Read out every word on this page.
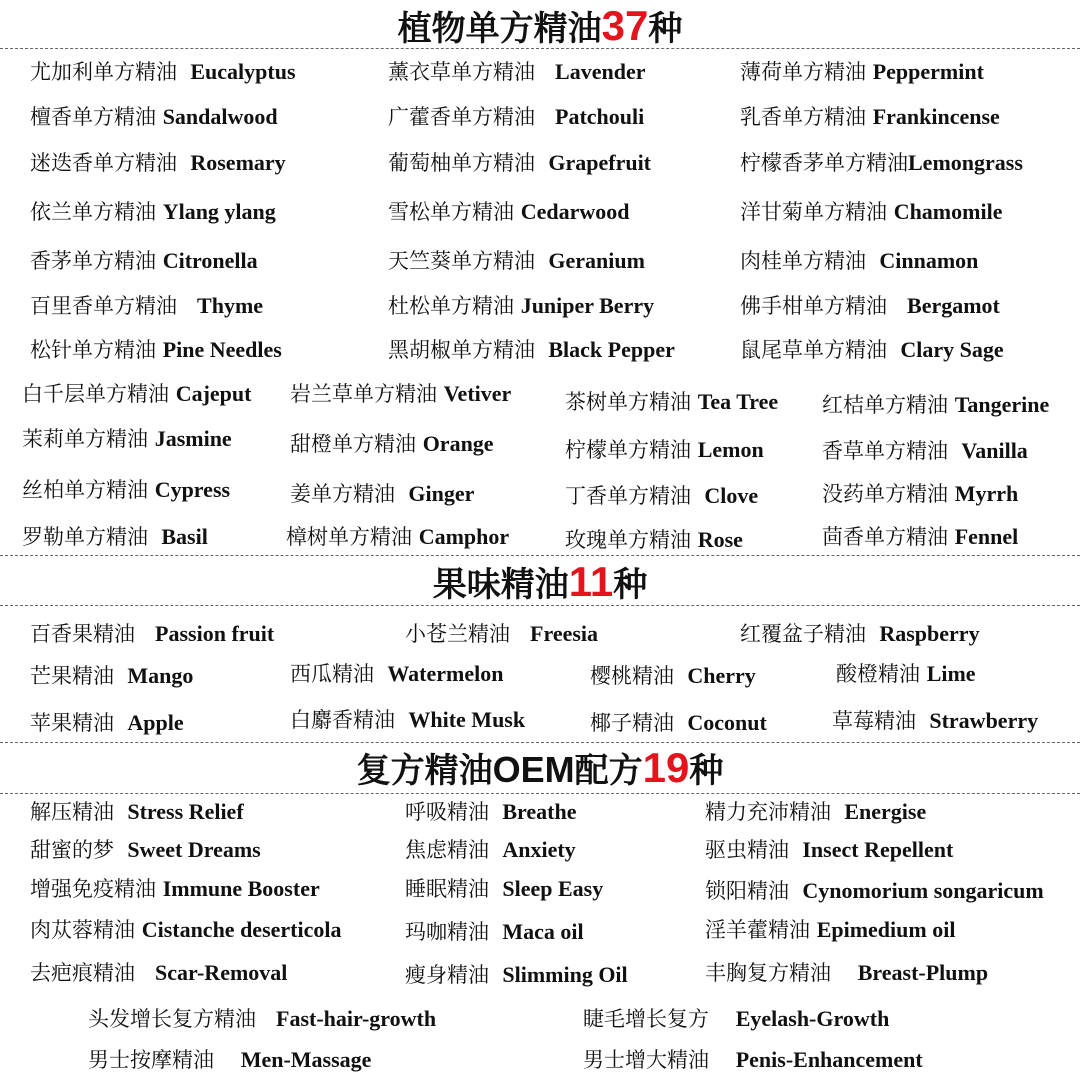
植物单方精油37种
果味精油11种
复方精油OEM配方19种
尤加利单方精油 Eucalyptus	薰衣草单方精油 Lavender	薄荷单方精油 Peppermint
檀香单方精油 Sandalwood	广藿香单方精油 Patchouli	乳香单方精油 Frankincense
迷迭香单方精油 Rosemary	葡萄柚单方精油 Grapefruit	柠檬香茅单方精油Lemongrass
依兰单方精油 Ylang ylang	雪松单方精油 Cedarwood	洋甘菊单方精油 Chamomile
香茅单方精油 Citronella	天竺葵单方精油 Geranium	肉桂单方精油 Cinnamon
百里香单方精油 Thyme	杜松单方精油 Juniper Berry	佛手柑单方精油 Bergamot
松针单方精油 Pine Needles	黑胡椒单方精油 Black Pepper	鼠尾草单方精油 Clary Sage
白千层单方精油 Cajeput 岩兰草单方精油 Vetiver	茶树单方精油 Tea Tree 红桔单方精油 Tangerine
茉莉单方精油 Jasmine	甜橙单方精油 Orange	柠檬单方精油 Lemon	香草单方精油 Vanilla
丝柏单方精油 Cypress	姜单方精油 Ginger	丁香单方精油 Clove	没药单方精油 Myrrh
罗勒单方精油 Basil	樟树单方精油 Camphor	玫瑰单方精油 Rose	茴香单方精油 Fennel
百香果精油 Passion fruit	小苍兰精油 Freesia	红覆盆子精油 Raspberry
芒果精油 Mango	西瓜精油 Watermelon	樱桃精油 Cherry	酸橙精油 Lime
苹果精油 Apple	白麝香精油 White Musk	椰子精油 Coconut	草莓精油 Strawberry
解压精油 Stress Relief	呼吸精油 Breathe	精力充沛精油 Energise
甜蜜的梦 Sweet Dreams	焦虑精油 Anxiety	驱虫精油 Insect Repellent
增强免疫精油 Immune Booster	睡眠精油 Sleep Easy	锁阳精油 Cynomorium songaricum
肉苁蓉精油 Cistanche deserticola	玛咖精油 Maca oil	淫羊藿精油 Epimedium oil
去疤痕精油 Scar-Removal	瘦身精油 Slimming Oil	丰胸复方精油 Breast-Plump
头发增长复方精油 Fast-hair-growth	睫毛增长复方 Eyelash-Growth
男士按摩精油 Men-Massage	男士增大精油 Penis-Enhancement
